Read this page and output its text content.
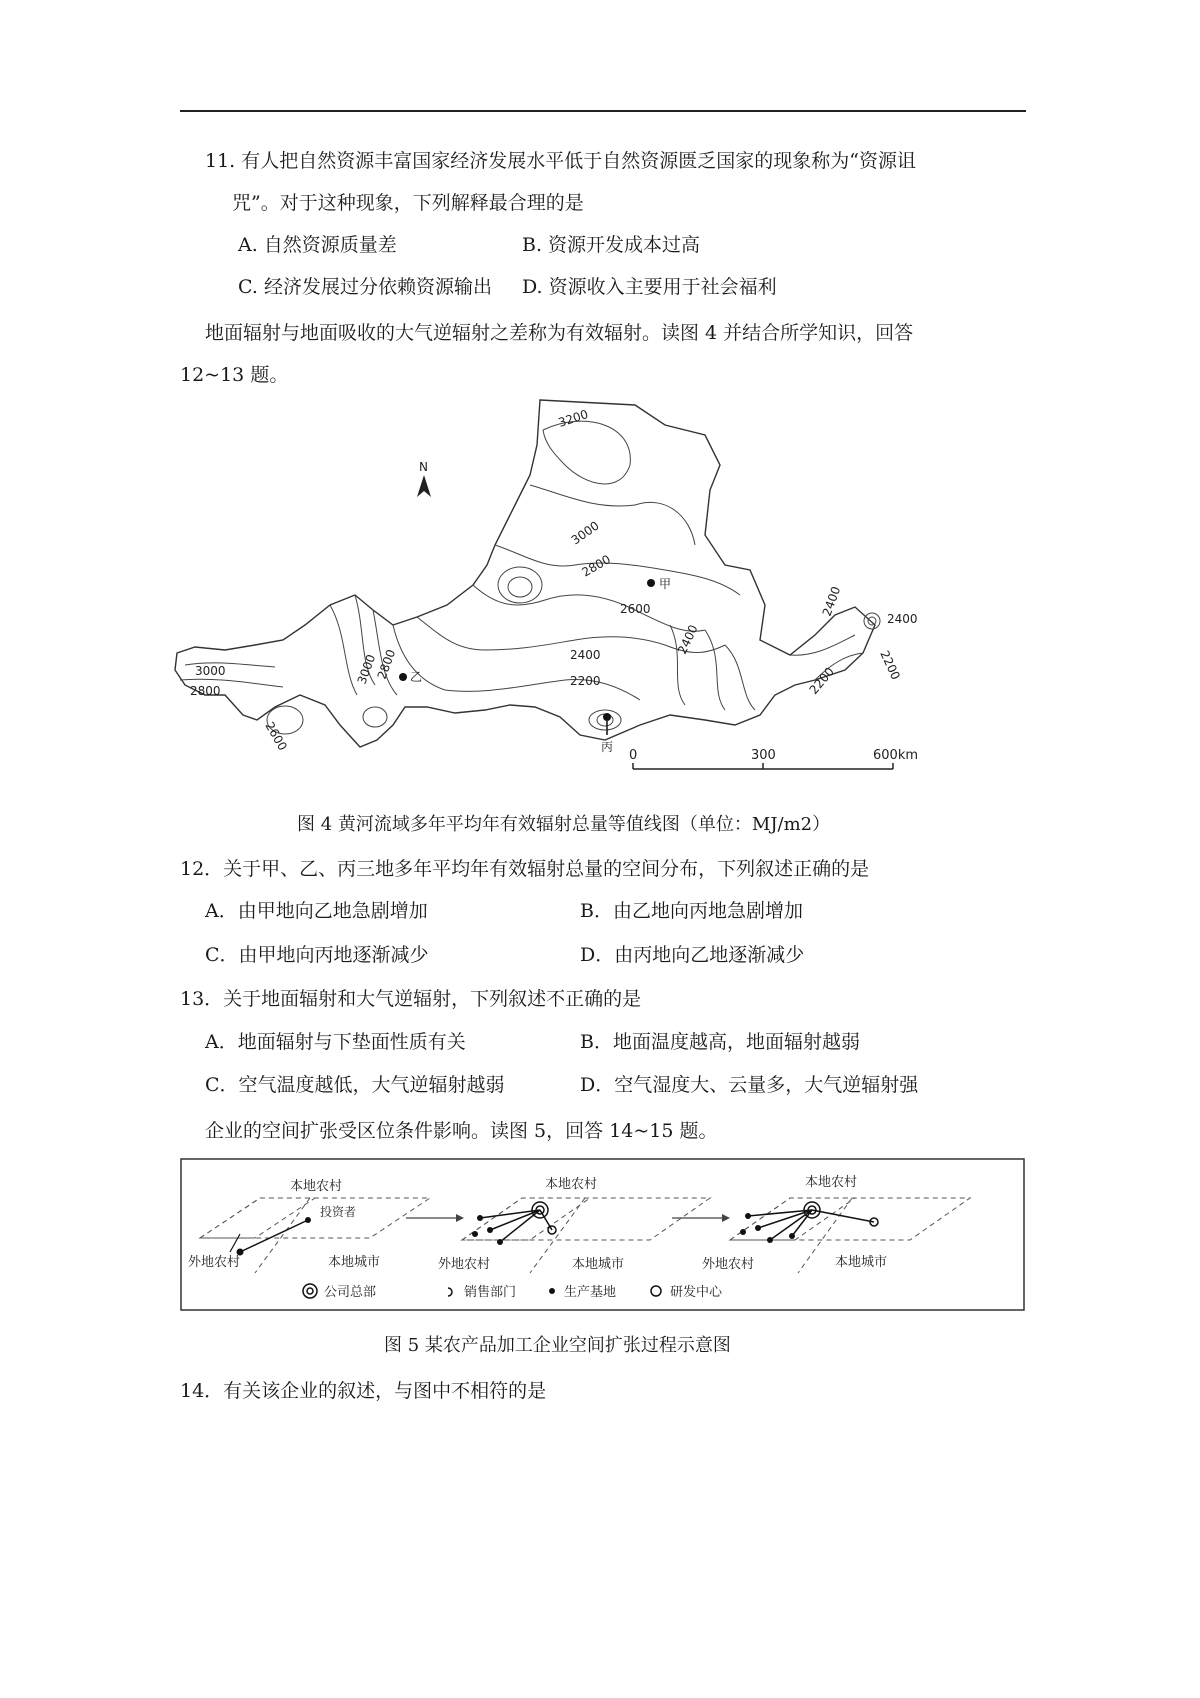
11. 有人把自然资源丰富国家经济发展水平低于自然资源匮乏国家的现象称为“资源诅
咒”。对于这种现象，下列解释最合理的是
A. 自然资源质量差	B. 资源开发成本过高
C. 经济发展过分依赖资源输出 D. 资源收入主要用于社会福利
地面辐射与地面吸收的大气逆辐射之差称为有效辐射。读图 4 并结合所学知识，回答
12~13 题。
3200
3000
2800
2600
2400
2200
3000
2800
3000
2800
2600
2400
2400
2400
2200
2200
N
甲
乙
丙
0	300	600km
图 4 黄河流域多年平均年有效辐射总量等值线图（单位：MJ/m2）
12．关于甲、乙、丙三地多年平均年有效辐射总量的空间分布，下列叙述正确的是
A．由甲地向乙地急剧增加	B．由乙地向丙地急剧增加
C．由甲地向丙地逐渐减少	D．由丙地向乙地逐渐减少
13．关于地面辐射和大气逆辐射，下列叙述不正确的是
A．地面辐射与下垫面性质有关	B．地面温度越高，地面辐射越弱
C．空气温度越低，大气逆辐射越弱	D．空气湿度大、云量多，大气逆辐射强
企业的空间扩张受区位条件影响。读图 5，回答 14~15 题。
本地农村
外地农村	本地城市
投资者
本地农村
外地农村	本地城市
本地农村
外地农村	本地城市
公司总部	销售部门	生产基地	研发中心
图 5 某农产品加工企业空间扩张过程示意图
14．有关该企业的叙述，与图中不相符的是
